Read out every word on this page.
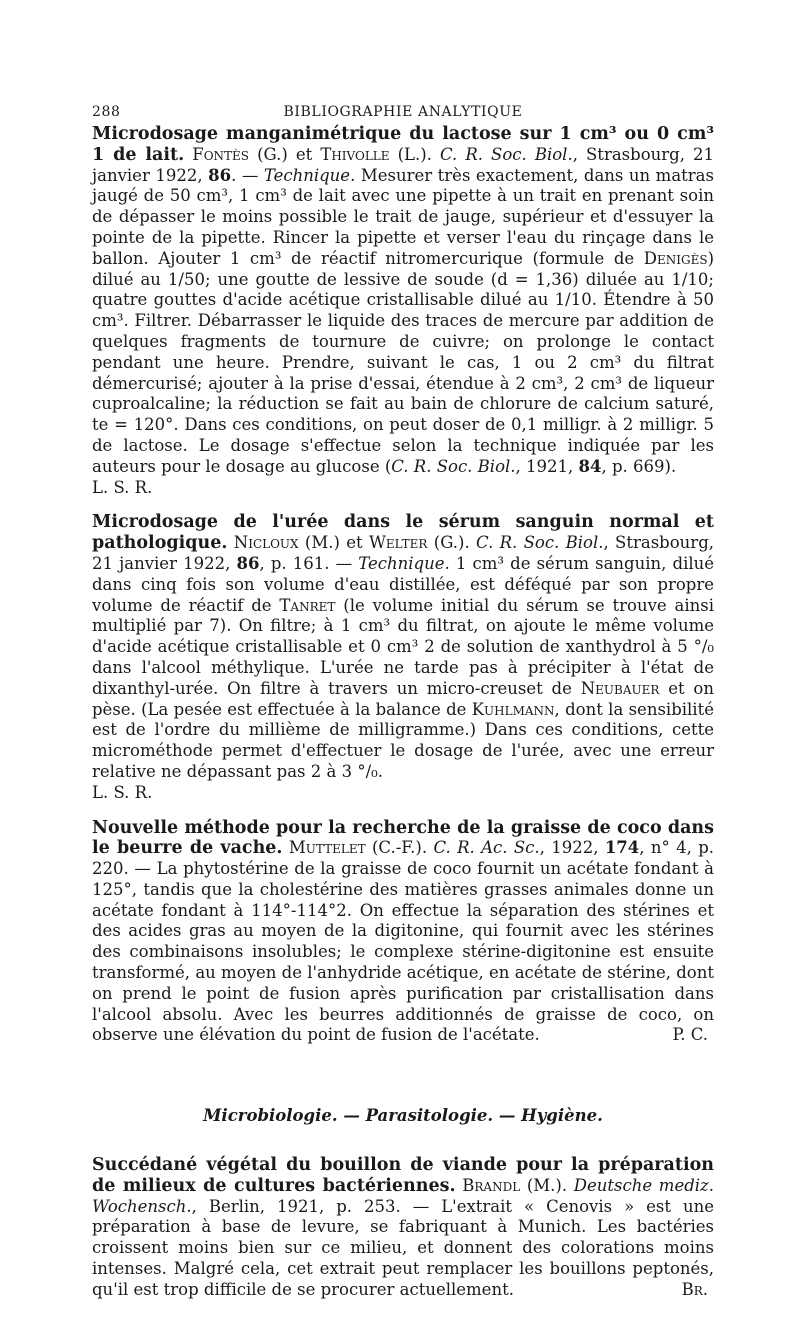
288	BIBLIOGRAPHIE ANALYTIQUE

Microdosage manganimétrique du lactose sur 1 cm³ ou 0 cm³ 1 de lait. Fontès (G.) et Thivolle (L.). C. R. Soc. Biol., Strasbourg, 21 janvier 1922, 86. — Technique. Mesurer très exactement, dans un matras jaugé de 50 cm³, 1 cm³ de lait avec une pipette à un trait en prenant soin de dépasser le moins possible le trait de jauge, supérieur et d'essuyer la pointe de la pipette. Rincer la pipette et verser l'eau du rinçage dans le ballon. Ajouter 1 cm³ de réactif nitromercurique (formule de Denigès) dilué au 1/50; une goutte de lessive de soude (d = 1,36) diluée au 1/10; quatre gouttes d'acide acétique cristallisable dilué au 1/10. Étendre à 50 cm³. Filtrer. Débarrasser le liquide des traces de mercure par addition de quelques fragments de tournure de cuivre; on prolonge le contact pendant une heure. Prendre, suivant le cas, 1 ou 2 cm³ du filtrat démercurisé; ajouter à la prise d'essai, étendue à 2 cm³, 2 cm³ de liqueur cuproalcaline; la réduction se fait au bain de chlorure de calcium saturé, te = 120°. Dans ces conditions, on peut doser de 0,1 milligr. à 2 milligr. 5 de lactose. Le dosage s'effectue selon la technique indiquée par les auteurs pour le dosage au glucose (C. R. Soc. Biol., 1921, 84, p. 669).

L. S. R.

Microdosage de l'urée dans le sérum sanguin normal et pathologique. Nicloux (M.) et Welter (G.). C. R. Soc. Biol., Strasbourg, 21 janvier 1922, 86, p. 161. — Technique. 1 cm³ de sérum sanguin, dilué dans cinq fois son volume d'eau distillée, est déféqué par son propre volume de réactif de Tanret (le volume initial du sérum se trouve ainsi multiplié par 7). On filtre; à 1 cm³ du filtrat, on ajoute le même volume d'acide acétique cristallisable et 0 cm³ 2 de solution de xanthydrol à 5 °/₀ dans l'alcool méthylique. L'urée ne tarde pas à précipiter à l'état de dixanthyl-urée. On filtre à travers un micro-creuset de Neubauer et on pèse. (La pesée est effectuée à la balance de Kuhlmann, dont la sensibilité est de l'ordre du millième de milligramme.) Dans ces conditions, cette microméthode permet d'effectuer le dosage de l'urée, avec une erreur relative ne dépassant pas 2 à 3 °/₀.

L. S. R.

Nouvelle méthode pour la recherche de la graisse de coco dans le beurre de vache. Muttelet (C.-F.). C. R. Ac. Sc., 1922, 174, n° 4, p. 220. — La phytostérine de la graisse de coco fournit un acétate fondant à 125°, tandis que la cholestérine des matières grasses animales donne un acétate fondant à 114°-114°2. On effectue la séparation des stérines et des acides gras au moyen de la digitonine, qui fournit avec les stérines des combinaisons insolubles; le complexe stérine-digitonine est ensuite transformé, au moyen de l'anhydride acétique, en acétate de stérine, dont on prend le point de fusion après purification par cristallisation dans l'alcool absolu. Avec les beurres additionnés de graisse de coco, on observe une élévation du point de fusion de l'acétate.	P. C.

Microbiologie. — Parasitologie. — Hygiène.

Succédané végétal du bouillon de viande pour la préparation de milieux de cultures bactériennes. Brandl (M.). Deutsche mediz. Wochensch., Berlin, 1921, p. 253. — L'extrait « Cenovis » est une préparation à base de levure, se fabriquant à Munich. Les bactéries croissent moins bien sur ce milieu, et donnent des colorations moins intenses. Malgré cela, cet extrait peut remplacer les bouillons peptonés, qu'il est trop difficile de se procurer actuellement.	Br.
